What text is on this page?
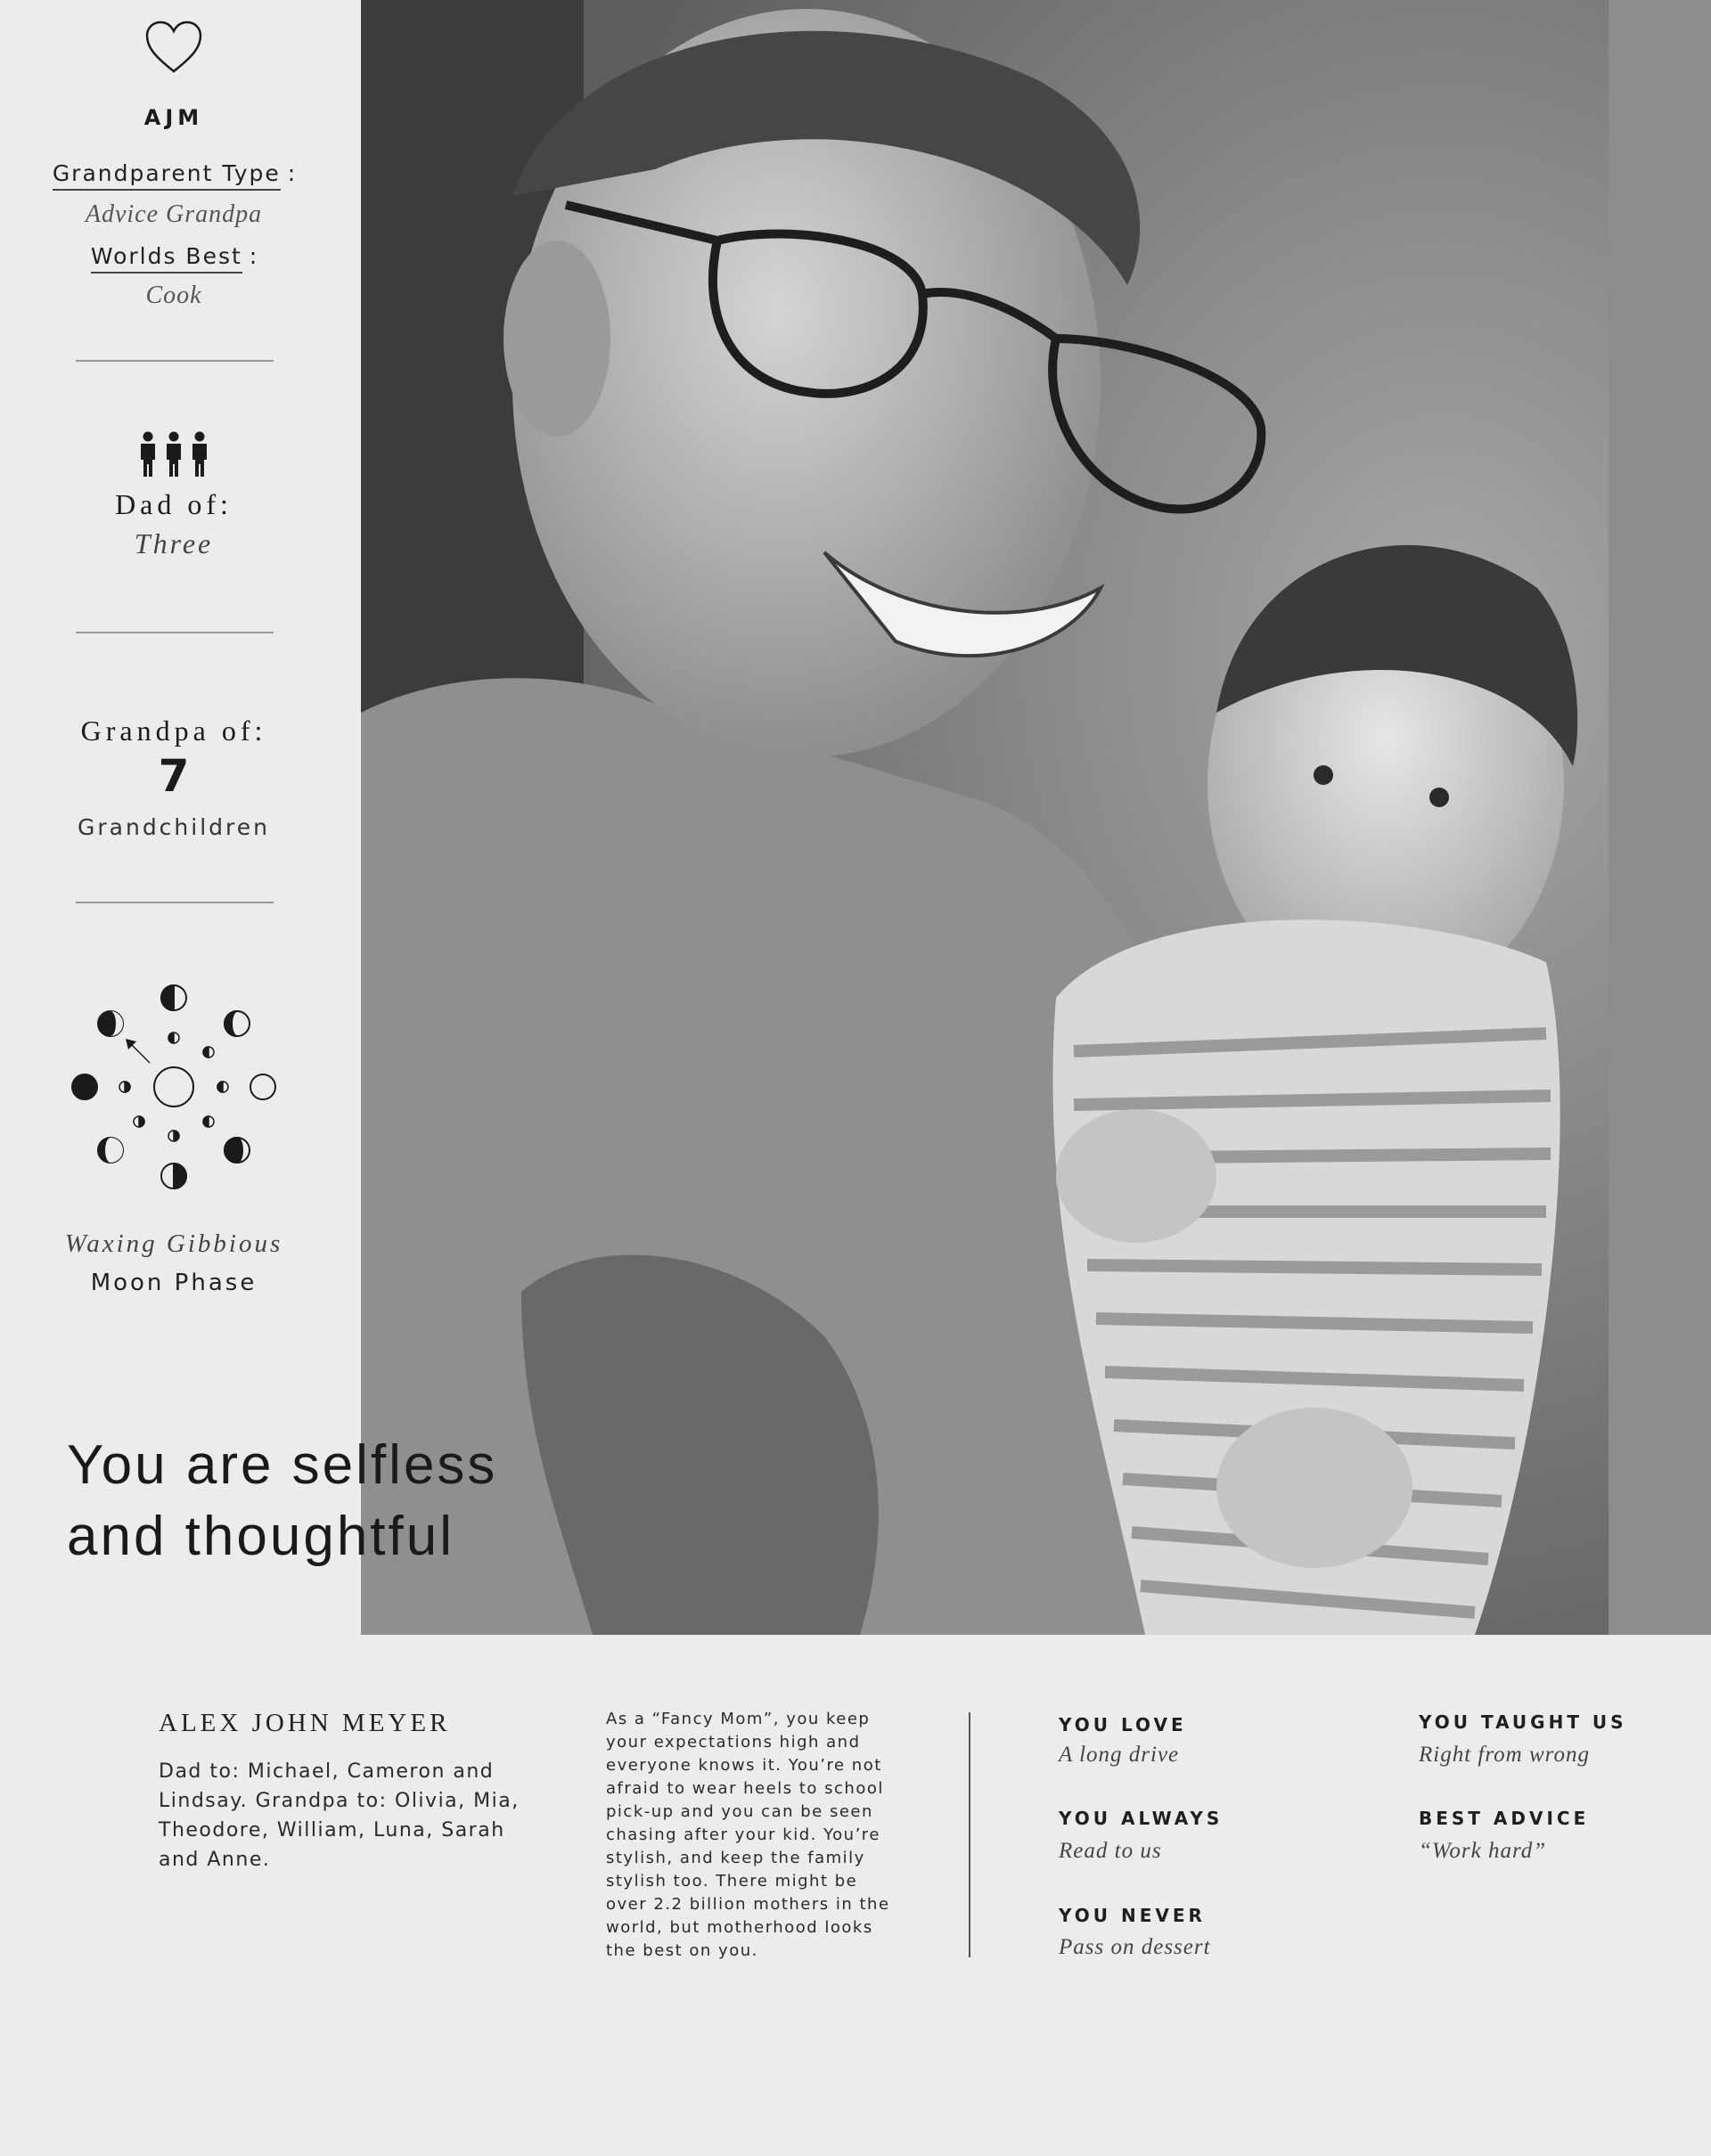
AJM
Grandparent Type :
Advice Grandpa
Worlds Best :
Cook
Dad of:
Three
Grandpa of:
7
Grandchildren
Waxing Gibbious
Moon Phase
You are selfless
and thoughtful
ALEX JOHN MEYER
Dad to: Michael, Cameron and Lindsay. Grandpa to: Olivia, Mia, Theodore, William, Luna, Sarah and Anne.
As a “Fancy Mom”, you keep your expectations high and everyone knows it. You’re not afraid to wear heels to school pick-up and you can be seen chasing after your kid. You’re stylish, and keep the family stylish too. There might be over 2.2 billion mothers in the world, but motherhood looks the best on you.
YOU LOVE
A long drive
YOU ALWAYS
Read to us
YOU NEVER
Pass on dessert
YOU TAUGHT US
Right from wrong
BEST ADVICE
“Work hard”
